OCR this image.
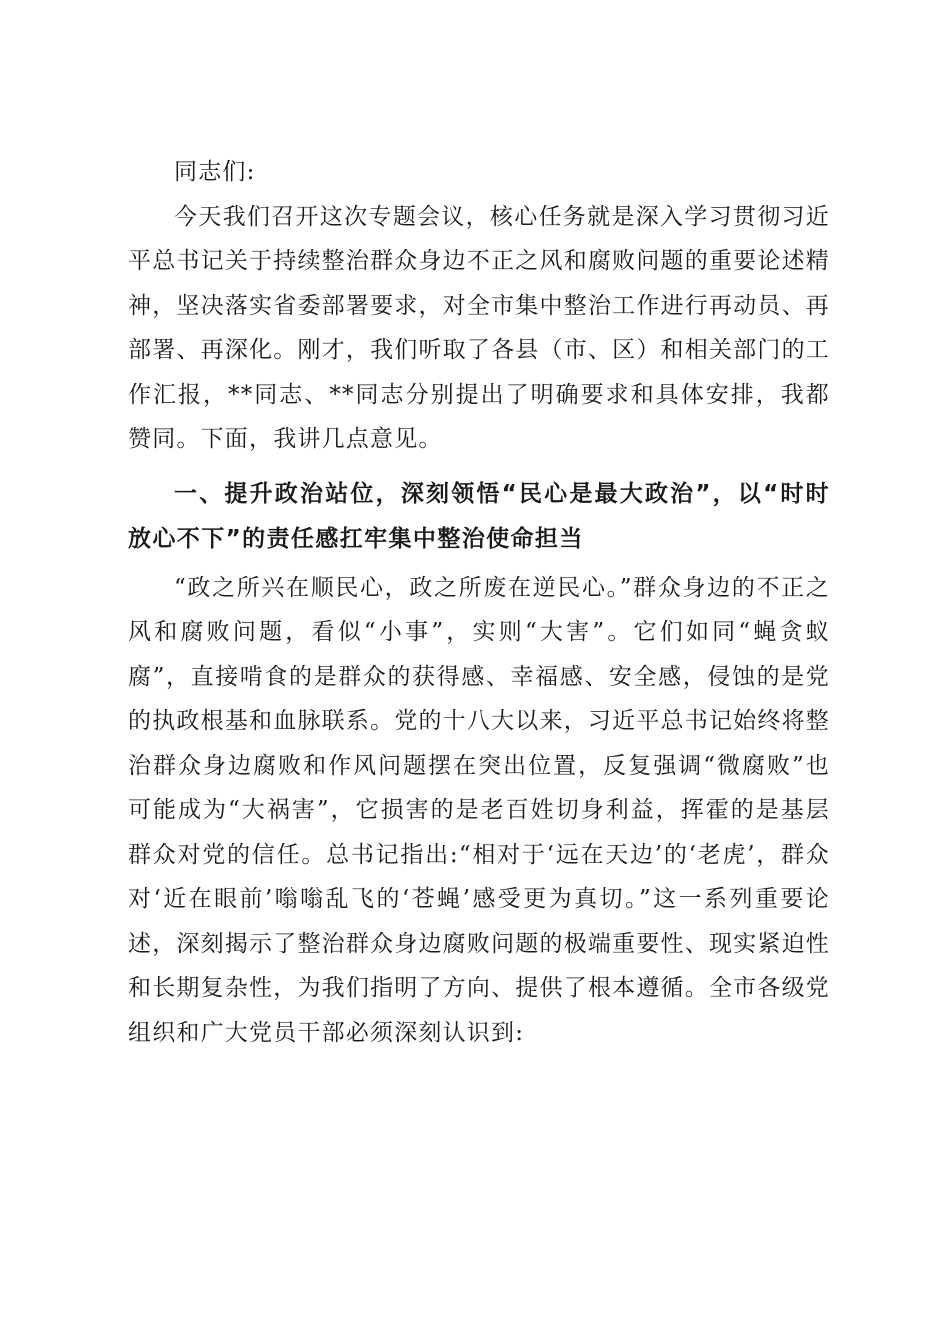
同志们:

今天我们召开这次专题会议，核心任务就是深入学习贯彻习近平总书记关于持续整治群众身边不正之风和腐败问题的重要论述精神，坚决落实省委部署要求，对全市集中整治工作进行再动员、再部署、再深化。刚才，我们听取了各县（市、区）和相关部门的工作汇报，**同志、**同志分别提出了明确要求和具体安排，我都赞同。下面，我讲几点意见。

一、提升政治站位，深刻领悟“民心是最大政治”，以“时时放心不下”的责任感扛牢集中整治使命担当

“政之所兴在顺民心，政之所废在逆民心。”群众身边的不正之风和腐败问题，看似“小事”，实则“大害”。它们如同“蝇贪蚁腐”，直接啃食的是群众的获得感、幸福感、安全感，侵蚀的是党的执政根基和血脉联系。党的十八大以来，习近平总书记始终将整治群众身边腐败和作风问题摆在突出位置，反复强调“微腐败”也可能成为“大祸害”，它损害的是老百姓切身利益，挥霍的是基层群众对党的信任。总书记指出:“相对于‘远在天边’的‘老虎’，群众对‘近在眼前’嗡嗡乱飞的‘苍蝇’感受更为真切。”这一系列重要论述，深刻揭示了整治群众身边腐败问题的极端重要性、现实紧迫性和长期复杂性，为我们指明了方向、提供了根本遵循。全市各级党组织和广大党员干部必须深刻认识到:
